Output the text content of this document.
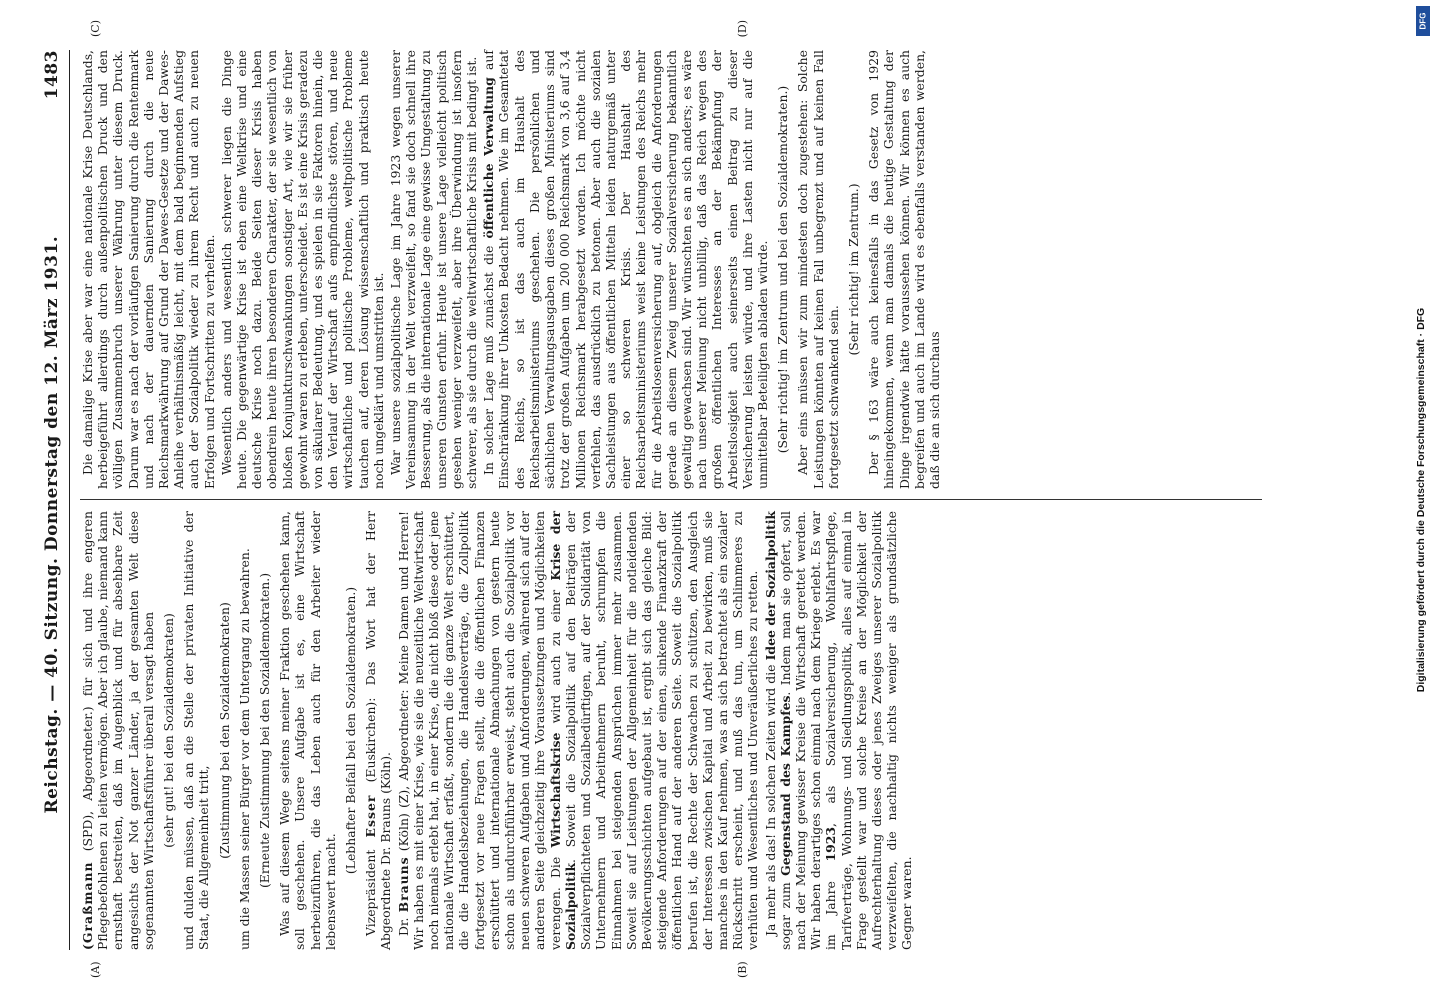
Reichstag. — 40. Sitzung. Donnerstag den 12. März 1931.
1483
(A)	(B)

(Graßmann (SPD), Abgeordneter.) für sich und ihre engeren Pflegebefohlenen zu leiten vermögen. Aber ich glaube, niemand kann ernsthaft bestreiten, daß im Augenblick und für absehbare Zeit angesichts der Not ganzer Länder, ja der gesamten Welt diese sogenannten Wirtschaftsführer überall versagt haben (sehr gut! bei den Sozialdemokraten) und dulden müssen, daß an die Stelle der privaten Initiative der Staat, die Allgemeinheit tritt, (Zustimmung bei den Sozialdemokraten) um die Massen seiner Bürger vor dem Untergang zu bewahren. (Erneute Zustimmung bei den Sozialdemokraten.) Was auf diesem Wege seitens meiner Fraktion geschehen kann, soll geschehen. Unsere Aufgabe ist es, eine Wirtschaft herbeizuführen, die das Leben auch für den Arbeiter wieder lebenswert macht.

(Lebhafter Beifall bei den Sozialdemokraten.)

Vizepräsident Esser (Euskirchen): Das Wort hat der Herr Abgeordnete Dr. Brauns (Köln). Dr. Brauns (Köln) (Z), Abgeordneter: Meine Damen und Herren! Wir haben es mit einer Krise, wie sie die neuzeitliche Weltwirtschaft noch niemals erlebt hat, in einer Krise, die nicht bloß diese oder jene nationale Wirtschaft erfaßt, sondern die die ganze Welt erschüttert, die die Handelsbeziehungen, die Handelsverträge, die Zollpolitik fortgesetzt vor neue Fragen stellt, die die öffentlichen Finanzen erschüttert und internationale Abmachungen von gestern heute schon als undurchführbar erweist, steht auch die Sozialpolitik vor neuen schweren Aufgaben und Anforderungen, während sich auf der anderen Seite gleichzeitig ihre Voraussetzungen und Möglichkeiten verengen. Die Wirtschaftskrise wird auch zu einer Krise der Sozialpolitik. Soweit die Sozialpolitik auf den Beiträgen der Sozialverpflichteten und Sozialbedürftigen, auf der Solidarität von Unternehmern und Arbeitnehmern beruht, schrumpfen die Einnahmen bei steigenden Ansprüchen immer mehr zusammen. Soweit sie auf Leistungen der Allgemeinheit für die notleidenden Bevölkerungsschichten aufgebaut ist, ergibt sich das gleiche Bild: steigende Anforderungen auf der einen, sinkende Finanzkraft der öffentlichen Hand auf der anderen Seite. Soweit die Sozialpolitik berufen ist, die Rechte der Schwachen zu schützen, den Ausgleich der Interessen zwischen Kapital und Arbeit zu bewirken, muß sie manches in den Kauf nehmen, was an sich betrachtet als ein sozialer Rückschritt erscheint, und muß das tun, um Schlimmeres zu verhüten und Wesentliches und Unveräußerliches zu retten. Ja mehr als das! In solchen Zeiten wird die Idee der Sozialpolitik sogar zum Gegenstand des Kampfes. Indem man sie opfert, soll nach der Meinung gewisser Kreise die Wirtschaft gerettet werden. Wir haben derartiges schon einmal nach dem Kriege erlebt. Es war im Jahre 1923, als Sozialversicherung, Wohlfahrtspflege, Tarifverträge, Wohnungs- und Siedlungspolitik, alles auf einmal in Frage gestellt war und solche Kreise an der Möglichkeit der Aufrechterhaltung dieses oder jenes Zweiges unserer Sozialpolitik verzweifelten, die nachhaltig nichts weniger als grundsätzliche Gegner waren.

(C)	(D)

Die damalige Krise aber war eine nationale Krise Deutschlands, herbeigeführt allerdings durch außenpolitischen Druck und den völligen Zusammenbruch unserer Währung unter diesem Druck. Darum war es nach der vorläufigen Sanierung durch die Rentenmark und nach der dauernden Sanierung durch die neue Reichsmarkwährung auf Grund der Dawes-Gesetze und der Dawes-Anleihe verhältnismäßig leicht, mit dem bald beginnenden Aufstieg auch der Sozialpolitik wieder zu ihrem Recht und auch zu neuen Erfolgen und Fortschritten zu verhelfen. Wesentlich anders und wesentlich schwerer liegen die Dinge heute. Die gegenwärtige Krise ist eben eine Weltkrise und eine deutsche Krise noch dazu. Beide Seiten dieser Krisis haben obendrein heute ihren besonderen Charakter, der sie wesentlich von bloßen Konjunkturschwankungen sonstiger Art, wie wir sie früher gewohnt waren zu erleben, unterscheidet. Es ist eine Krisis geradezu von säkularer Bedeutung, und es spielen in sie Faktoren hinein, die den Verlauf der Wirtschaft aufs empfindlichste stören, und neue wirtschaftliche und politische Probleme, weltpolitische Probleme tauchen auf, deren Lösung wissenschaftlich und praktisch heute noch ungeklärt und umstritten ist. War unsere sozialpolitische Lage im Jahre 1923 wegen unserer Vereinsamung in der Welt verzweifelt, so fand sie doch schnell ihre Besserung, als die internationale Lage eine gewisse Umgestaltung zu unseren Gunsten erfuhr. Heute ist unsere Lage vielleicht politisch gesehen weniger verzweifelt, aber ihre Überwindung ist insofern schwerer, als sie durch die weltwirtschaftliche Krisis mit bedingt ist. In solcher Lage muß zunächst die öffentliche Verwaltung auf Einschränkung ihrer Unkosten Bedacht nehmen. Wie im Gesamtetat des Reichs, so ist das auch im Haushalt des Reichsarbeitsministeriums geschehen. Die persönlichen und sächlichen Verwaltungsausgaben dieses großen Ministeriums sind trotz der großen Aufgaben um 200 000 Reichsmark von 3,6 auf 3,4 Millionen Reichsmark herabgesetzt worden. Ich möchte nicht verfehlen, das ausdrücklich zu betonen. Aber auch die sozialen Sachleistungen aus öffentlichen Mitteln leiden naturgemäß unter einer so schweren Krisis. Der Haushalt des Reichsarbeitsministeriums weist keine Leistungen des Reichs mehr für die Arbeitslosenversicherung auf, obgleich die Anforderungen gerade an diesem Zweig unserer Sozialversicherung bekanntlich gewaltig gewachsen sind. Wir wünschten es an sich anders; es wäre nach unserer Meinung nicht unbillig, daß das Reich wegen des großen öffentlichen Interesses an der Bekämpfung der Arbeitslosigkeit auch seinerseits einen Beitrag zu dieser Versicherung leisten würde, und ihre Lasten nicht nur auf die unmittelbar Beteiligten abladen würde. (Sehr richtig! im Zentrum und bei den Sozialdemokraten.) Aber eins müssen wir zum mindesten doch zugestehen: Solche Leistungen könnten auf keinen Fall unbegrenzt und auf keinen Fall fortgesetzt schwankend sein.

(Sehr richtig! im Zentrum.) Der § 163 wäre auch keinesfalls in das Gesetz von 1929 hineingekommen, wenn man damals die heutige Gestaltung der Dinge irgendwie hätte voraussehen können. Wir können es auch begreifen und auch im Lande wird es ebenfalls verstanden werden, daß die an sich durchaus

DFG
Digitalisierung gefördert durch die Deutsche Forschungsgemeinschaft · DFG
